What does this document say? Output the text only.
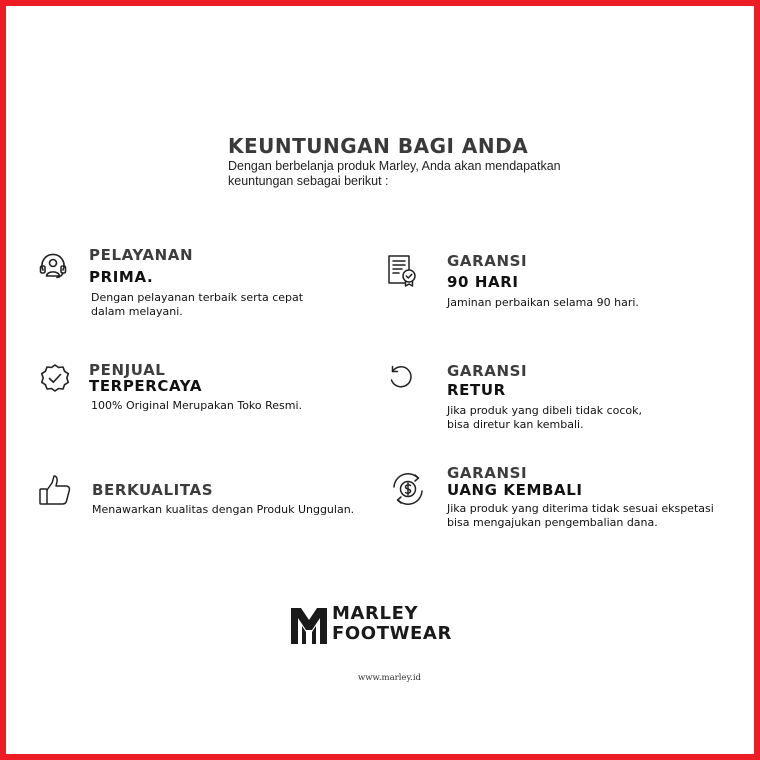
KEUNTUNGAN BAGI ANDA
Dengan berbelanja produk Marley, Anda akan mendapatkan
keuntungan sebagai berikut :
PELAYANAN
PRIMA.
Dengan pelayanan terbaik serta cepat
dalam melayani.
GARANSI
90 HARI
Jaminan perbaikan selama 90 hari.
PENJUAL
TERPERCAYA
100% Original Merupakan Toko Resmi.
GARANSI
RETUR
Jika produk yang dibeli tidak cocok,
bisa diretur kan kembali.
BERKUALITAS
Menawarkan kualitas dengan Produk Unggulan.
GARANSI
UANG KEMBALI
Jika produk yang diterima tidak sesuai ekspetasi
bisa mengajukan pengembalian dana.
MARLEY
FOOTWEAR
www.marley.id
